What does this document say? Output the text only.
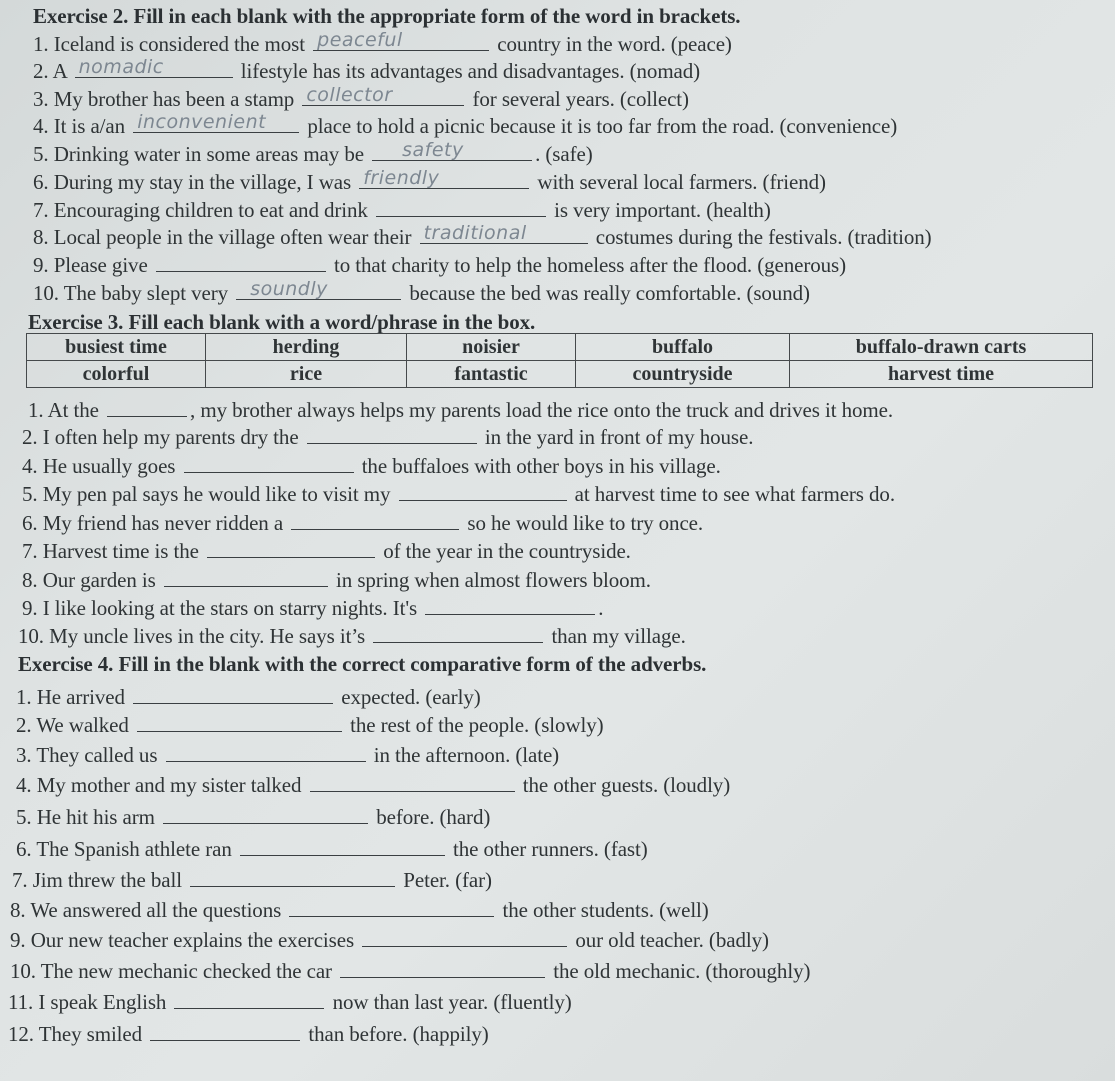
Exercise 2. Fill in each blank with the appropriate form of the word in brackets.
1. Iceland is considered the most peaceful	country in the word. (peace)
2. A nomadic	lifestyle has its advantages and disadvantages. (nomad)
3. My brother has been a stamp collector	for several years. (collect)
4. It is a/an inconvenient place to hold a picnic because it is too far from the road. (convenience)
5. Drinking water in some areas may be safety	. (safe)
6. During my stay in the village, I was friendly	with several local farmers. (friend)
7. Encouraging children to eat and drink	is very important. (health)
8. Local people in the village often wear their traditional	costumes during the festivals. (tradition)
9. Please give	to that charity to help the homeless after the flood. (generous)
10. The baby slept very soundly	because the bed was really comfortable. (sound)
Exercise 3. Fill each blank with a word/phrase in the box.
busiest time	herding	noisier	buffalo	buffalo-drawn carts
colorful	rice	fantastic	countryside	harvest time
1. At the	, my brother always helps my parents load the rice onto the truck and drives it home.
2. I often help my parents dry the	in the yard in front of my house.
4. He usually goes	the buffaloes with other boys in his village.
5. My pen pal says he would like to visit my	at harvest time to see what farmers do.
6. My friend has never ridden a	so he would like to try once.
7. Harvest time is the	of the year in the countryside.
8. Our garden is	in spring when almost flowers bloom.
9. I like looking at the stars on starry nights. It's	.
10. My uncle lives in the city. He says it’s	than my village.
Exercise 4. Fill in the blank with the correct comparative form of the adverbs.
1. He arrived	expected. (early)
2. We walked	the rest of the people. (slowly)
3. They called us	in the afternoon. (late)
4. My mother and my sister talked	the other guests. (loudly)
5. He hit his arm	before. (hard)
6. The Spanish athlete ran	the other runners. (fast)
7. Jim threw the ball	Peter. (far)
8. We answered all the questions	the other students. (well)
9. Our new teacher explains the exercises	our old teacher. (badly)
10. The new mechanic checked the car	the old mechanic. (thoroughly)
11. I speak English	now than last year. (fluently)
12. They smiled	than before. (happily)
